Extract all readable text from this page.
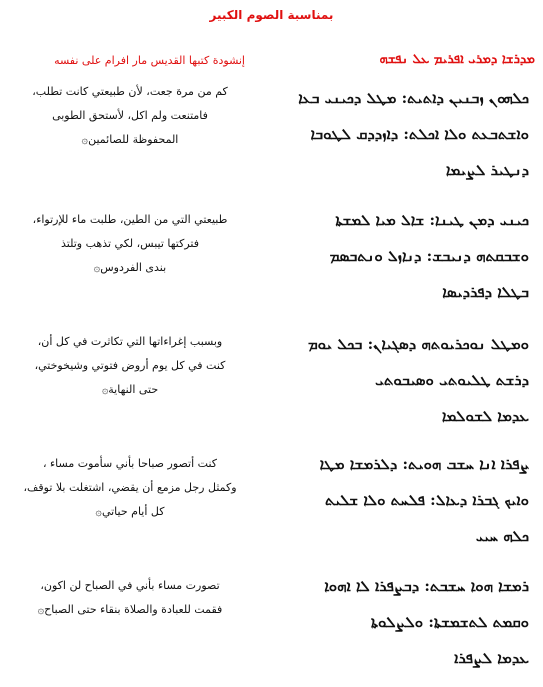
بمناسبة الصوم الكبير
ܡܕܪܫܐ ܕܡܪܝ ܐܦܪܝܡ ܥܠ ܢܦܫܗ
إنشودة كتبها القديس مار افرام على نفسه
ܟܠܗܘܢ ܙܒܢܝܢ ܕܐܬܝܬ: ܡܛܠ ܕܟܝܢܝ ܒܥܐ
ܘܐܫܬܒܥܬ ܘܠܐ ܐܟܠܬ: ܕܐܙܕܕܩ ܠܛܘܒܐ
ܕܢܛܝܪ ܠܨܝܡܐ
كم من مرة جعت، لأن طبيعتي كانت تطلب،
فامتنعت ولم اكل، لأستحق الطوبى
المحفوظة للصائمين۞
ܟܝܢܝ ܕܡܢ ܛܝܢܐ: ܫܐܠ ܡܝܐ ܠܡܫܬܐ
ܘܫܒܩܬܗ ܕܢܝܒܫ: ܕܢܐܙܠ ܘܢܬܒܣܡ
ܒܛܠܐ ܕܦܪܕܝܣܐ
طبيعتي التي من الطين، طلبت ماء للإرتواء،
فتركتها تيبس، لكي تذهب وتلتذ
بندى الفردوس۞
ܘܡܛܠ ܢܘܟܪܝܘܬܗ ܕܣܓܝܐܢ: ܒܟܠ ܝܘܡ
ܕܪܫܬ ܛܠܝܘܬܝ ܘܣܝܒܘܬܝ
ܥܕܡܐ ܠܫܘܠܡܐ
وبسبب إغراءاتها التي تكاثرت في كل أن،
كنت في كل يوم أروض فتوتي وشيخوختي،
حتى النهاية۞
ܨܦܪܐ ܐܢܐ ܚܫܒ ܗܘܝܬ: ܕܠܪܡܫܐ ܡܛܐ
ܘܐܝܟ ܓܒܪܐ ܕܥܐܠ: ܦܠܚܬ ܘܠܐ ܫܠܝܬ
ܟܠܗ ܚܝܝ
كنت أتصور صباحا بأني سأموت مساء ،
وكمثل رجل مزمع أن يقضي، اشتغلت بلا توقف،
كل أيام حياتي۞
ܪܡܫܐ ܗܘܐ ܚܫܒܬ: ܕܒܨܦܪܐ ܠܐ ܐܗܘܐ
ܘܩܡܬ ܠܬܫܡܫܬܐ: ܘܠܨܠܘܬܐ
ܥܕܡܐ ܠܨܦܪܐ
تصورت مساء بأني في الصباح لن اكون،
فقمت للعبادة والصلاة بنقاء حتى الصباح۞
